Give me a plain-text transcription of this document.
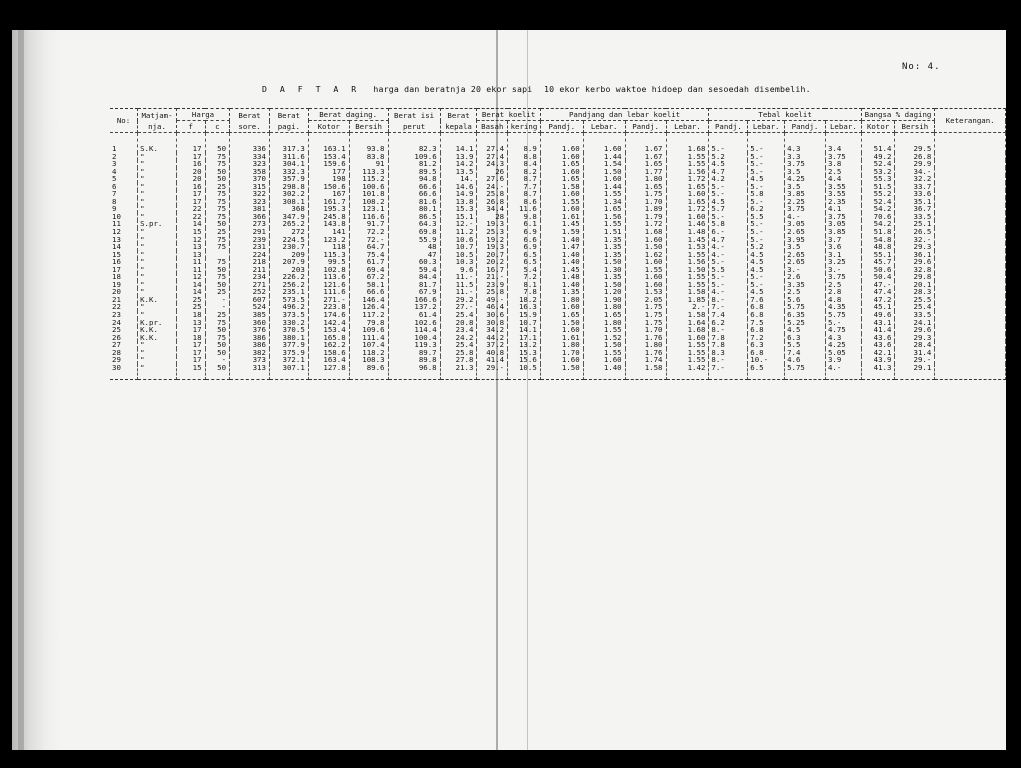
No: 4.
D A F T A R harga dan beratnja 20 ekor sapi 10 ekor kerbo waktoe hidoep dan sesoedah disembelih.
No:	Matjam-nja.	Harga		Berat sore.	Berat pagi.	Berat daging.		Berat isi perut	Berat kepala	Berat koelit		Pandjang dan lebar koelit				Tebal koelit				Bangsa % daging		Keterangan.
		f	c			Kotor	Bersih			Basah	kering	Pandj.	Lebar.	Pandj.	Lebar.	Pandj.	Lebar.	Pandj.	Lebar.	Kotor	Bersih	
1	S.K.	17	50	336	317.3	163.1	93.8	82.3	14.1	27.4	8.9	1.60	1.60	1.67	1.68	5.-	5.-	4.3	3.4	51.4	29.5	
2	"	17	75	334	311.6	153.4	83.8	109.6	13.9	27.4	8.8	1.60	1.44	1.67	1.55	5.2	5.-	3.3	3.75	49.2	26.8	
3	"	16	75	323	304.1	159.6	91	81.2	14.2	24.3	8.4	1.65	1.54	1.65	1.55	4.5	5.-	3.75	3.8	52.4	29.9	
4	"	20	50	358	332.3	177	113.3	89.5	13.5	26	8.2	1.60	1.50	1.77	1.56	4.7	5.-	3.5	2.5	53.2	34.-	
5	"	20	50	370	357.9	198	115.2	94.8	14.	27.6	8.7	1.65	1.60	1.80	1.72	4.2	4.5	4.25	4.4	55.3	32.2	
6	"	16	25	315	298.8	150.6	100.6	66.6	14.6	24.-	7.7	1.58	1.44	1.65	1.65	5.-	5.-	3.5	3.55	51.5	33.7	
7	"	17	75	322	302.2	167	101.8	66.6	14.9	25.8	8.7	1.60	1.55	1.75	1.60	5.-	5.8	3.85	3.55	55.2	33.6	
8	"	17	75	323	308.1	161.7	108.2	81.6	13.8	26.8	8.6	1.55	1.34	1.70	1.65	4.5	5.-	2.25	2.35	52.4	35.1	
9	"	22	75	381	368	195.3	123.1	80.1	15.3	34.4	11.6	1.60	1.65	1.89	1.72	5.7	6.2	3.75	4.1	54.2	36.7	
10	"	22	75	366	347.9	245.8	116.6	86.5	15.1	28	9.8	1.61	1.56	1.79	1.60	5.-	5.5	4.-	3.75	70.6	33.5	
11	S.pr.	14	50	273	265.2	143.8	91.7	64.3	12.-	19.3	6.1	1.45	1.55	1.72	1.46	5.8	5.-	3.05	3.05	54.2	25.1	
12	"	15	25	291	272	141	72.2	69.8	11.2	25.3	6.9	1.59	1.51	1.68	1.48	6.-	5.-	2.65	3.85	51.8	26.5	
13	"	12	75	239	224.5	123.2	72.-	55.9	10.6	19.2	6.6	1.40	1.35	1.60	1.45	4.7	5.-	3.95	3.7	54.8	32.-	
14	"	13	75	231	230.7	118	64.7	48	10.7	19.3	6.9	1.47	1.35	1.50	1.53	4.-	5.2	3.5	3.6	48.8	29.3	
15	"	13		224	209	115.3	75.4	47	10.5	20.7	6.5	1.40	1.35	1.62	1.55	4.-	4.5	2.65	3.1	55.1	36.1	
16	"	11	75	218	207.9	99.5	61.7	60.3	10.3	20.2	6.5	1.40	1.50	1.60	1.56	5.-	4.5	2.65	3.25	45.7	29.6	
17	"	11	50	211	203	102.8	69.4	59.4	9.6	16.7	5.4	1.45	1.30	1.55	1.50	5.5	4.5	3.-	3.-	50.6	32.8	
18	"	12	75	234	226.2	113.6	67.2	84.4	11.-	21.-	7.2	1.48	1.35	1.60	1.55	5.-	5.-	2.6	3.75	50.4	29.8	
19	"	14	50	271	256.2	121.6	58.1	81.7	11.5	23.9	8.1	1.40	1.50	1.60	1.55	5.-	5.-	3.35	2.5	47.-	20.1	
20	"	14	25	252	235.1	111.6	66.6	67.9	11.-	25.8	7.8	1.35	1.20	1.53	1.58	4.-	4.5	2.5	2.8	47.4	28.3	
21	K.K.	25	-	607	573.5	271.-	146.4	166.6	29.2	49.-	18.2	1.80	1.90	2.05	1.85	8.-	7.6	5.6	4.8	47.2	25.5	
22	"	25	-	524	496.2	223.8	126.4	137.2	27.-	46.4	16.3	1.60	1.80	1.75	2.-	7.-	6.8	5.75	4.35	45.1	25.4	
23	"	18	25	385	373.5	174.6	117.2	61.4	25.4	30.6	15.9	1.65	1.65	1.75	1.58	7.4	6.8	6.35	5.75	49.6	33.5	
24	K.pr.	13	75	360	330.2	142.4	79.8	102.6	20.8	30.8	10.7	1.50	1.80	1.75	1.64	6.2	7.5	5.25	5.-	43.1	24.1	
25	K.K.	17	50	376	370.5	153.4	109.6	114.4	23.4	34.2	14.1	1.60	1.55	1.70	1.68	8.-	6.8	4.5	4.75	41.4	29.6	
26	K.K.	18	75	386	380.1	165.8	111.4	100.4	24.2	44.2	17.1	1.61	1.52	1.76	1.60	7.8	7.2	6.3	4.3	43.6	29.3	
27	"	17	50	386	377.9	162.2	107.4	119.3	25.4	37.2	13.2	1.80	1.50	1.80	1.55	7.8	6.3	5.5	4.25	43.6	28.4	
28	"	17	50	382	375.9	158.6	118.2	89.7	25.8	40.8	15.3	1.70	1.55	1.76	1.55	8.3	6.8	7.4	5.05	42.1	31.4	
29	"	17	-	373	372.1	163.4	108.3	89.8	27.8	41.4	15.6	1.60	1.60	1.74	1.55	8.-	10.-	4.6	3.9	43.9	29.-	
30	"	15	50	313	307.1	127.8	89.6	96.8	21.3	29.-	10.5	1.50	1.40	1.58	1.42	7.-	6.5	5.75	4.-	41.3	29.1	
